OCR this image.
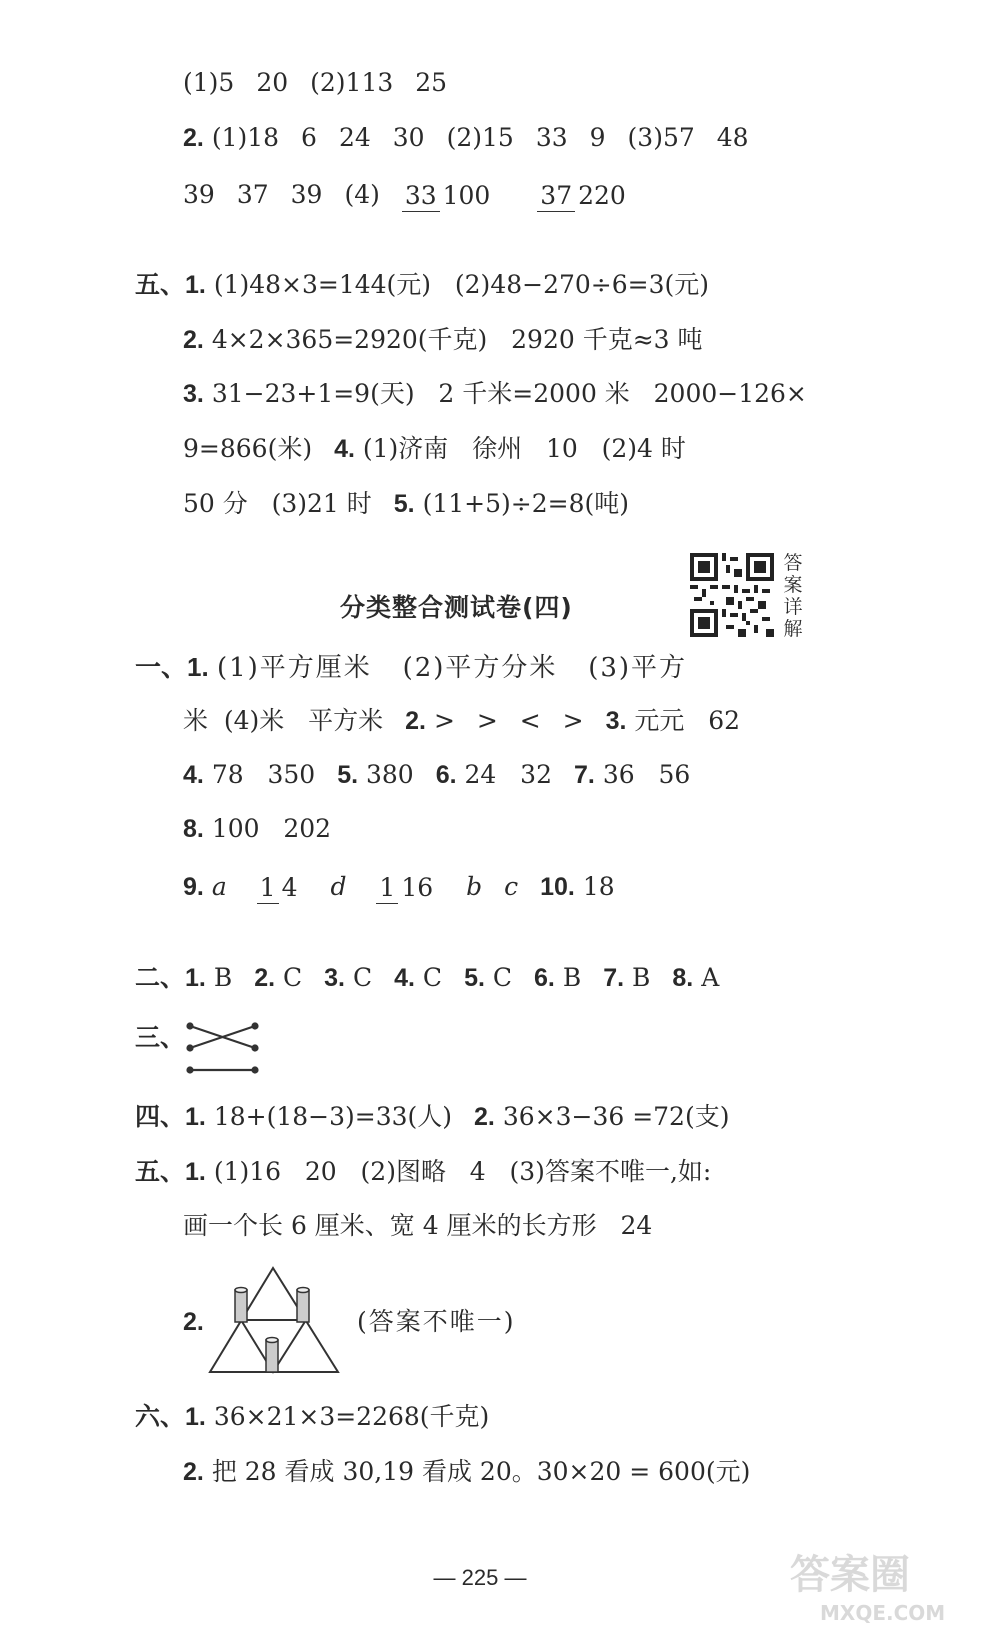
(1)5 20 (2)113 25
2. (1)18 6 24 30 (2)15 33 9 (3)57 48
39 37 39 (4) 33 100 37 220
五、1. (1)48×3=144(元)   (2)48−270÷6=3(元)
2. 4×2×365=2920(千克)   2920 千克≈3 吨
3. 31−23+1=9(天)   2 千米=2000 米   2000−126×
9=866(米) 4. (1)济南   徐州   10   (2)4 时
50 分   (3)21 时 5. (11+5)÷2=8(吨)
分类整合测试卷(四)
答案详解
一、1. (1)平方厘米   (2)平方分米   (3)平方
米  (4)米   平方米 2. > > < > 3. 元元   62
4. 78   350 5. 380 6. 24   32 7. 36   56
8. 100   202
9. a 1 4 d 1 16 b c 10. 18
二、1. B 2. C 3. C 4. C 5. C 6. B 7. B 8. A
三、
四、1. 18+(18−3)=33(人) 2. 36×3−36 =72(支)
五、1. (1)16   20   (2)图略   4   (3)答案不唯一,如:
画一个长 6 厘米、宽 4 厘米的长方形   24
2.	(答案不唯一)
六、1. 36×21×3=2268(千克)
2. 把 28 看成 30,19 看成 20。30×20 = 600(元)
— 225 —	答案圈
MXQE.COM
